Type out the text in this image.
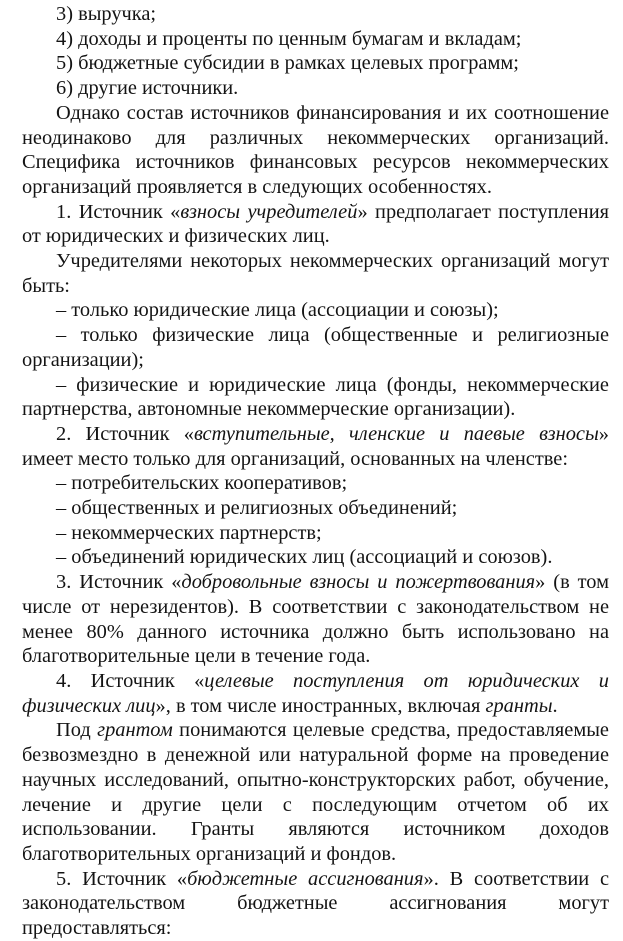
3) выручка;
4) доходы и проценты по ценным бумагам и вкладам;
5) бюджетные субсидии в рамках целевых программ;
6) другие источники.

Однако состав источников финансирования и их соотношение неодинаково для различных некоммерческих организаций. Специфика источников финансовых ресурсов некоммерческих организаций проявляется в следующих особенностях.

1. Источник «взносы учредителей» предполагает поступления от юридических и физических лиц.

Учредителями некоторых некоммерческих организаций могут быть:

– только юридические лица (ассоциации и союзы);

– только физические лица (общественные и религиозные организации);

– физические и юридические лица (фонды, некоммерческие партнерства, автономные некоммерческие организации).

2. Источник «вступительные, членские и паевые взносы» имеет место только для организаций, основанных на членстве:

– потребительских кооперативов;

– общественных и религиозных объединений;

– некоммерческих партнерств;

– объединений юридических лиц (ассоциаций и союзов).

3. Источник «добровольные взносы и пожертвования» (в том числе от нерезидентов). В соответствии с законодательством не менее 80% данного источника должно быть использовано на благотворительные цели в течение года.

4. Источник «целевые поступления от юридических и физических лиц», в том числе иностранных, включая гранты.

Под грантом понимаются целевые средства, предоставляемые безвозмездно в денежной или натуральной форме на проведение научных исследований, опытно-конструкторских работ, обучение, лечение и другие цели с последующим отчетом об их использовании. Гранты являются источником доходов благотворительных организаций и фондов.

5. Источник «бюджетные ассигнования». В соответствии с законодательством бюджетные ассигнования могут предоставляться:
